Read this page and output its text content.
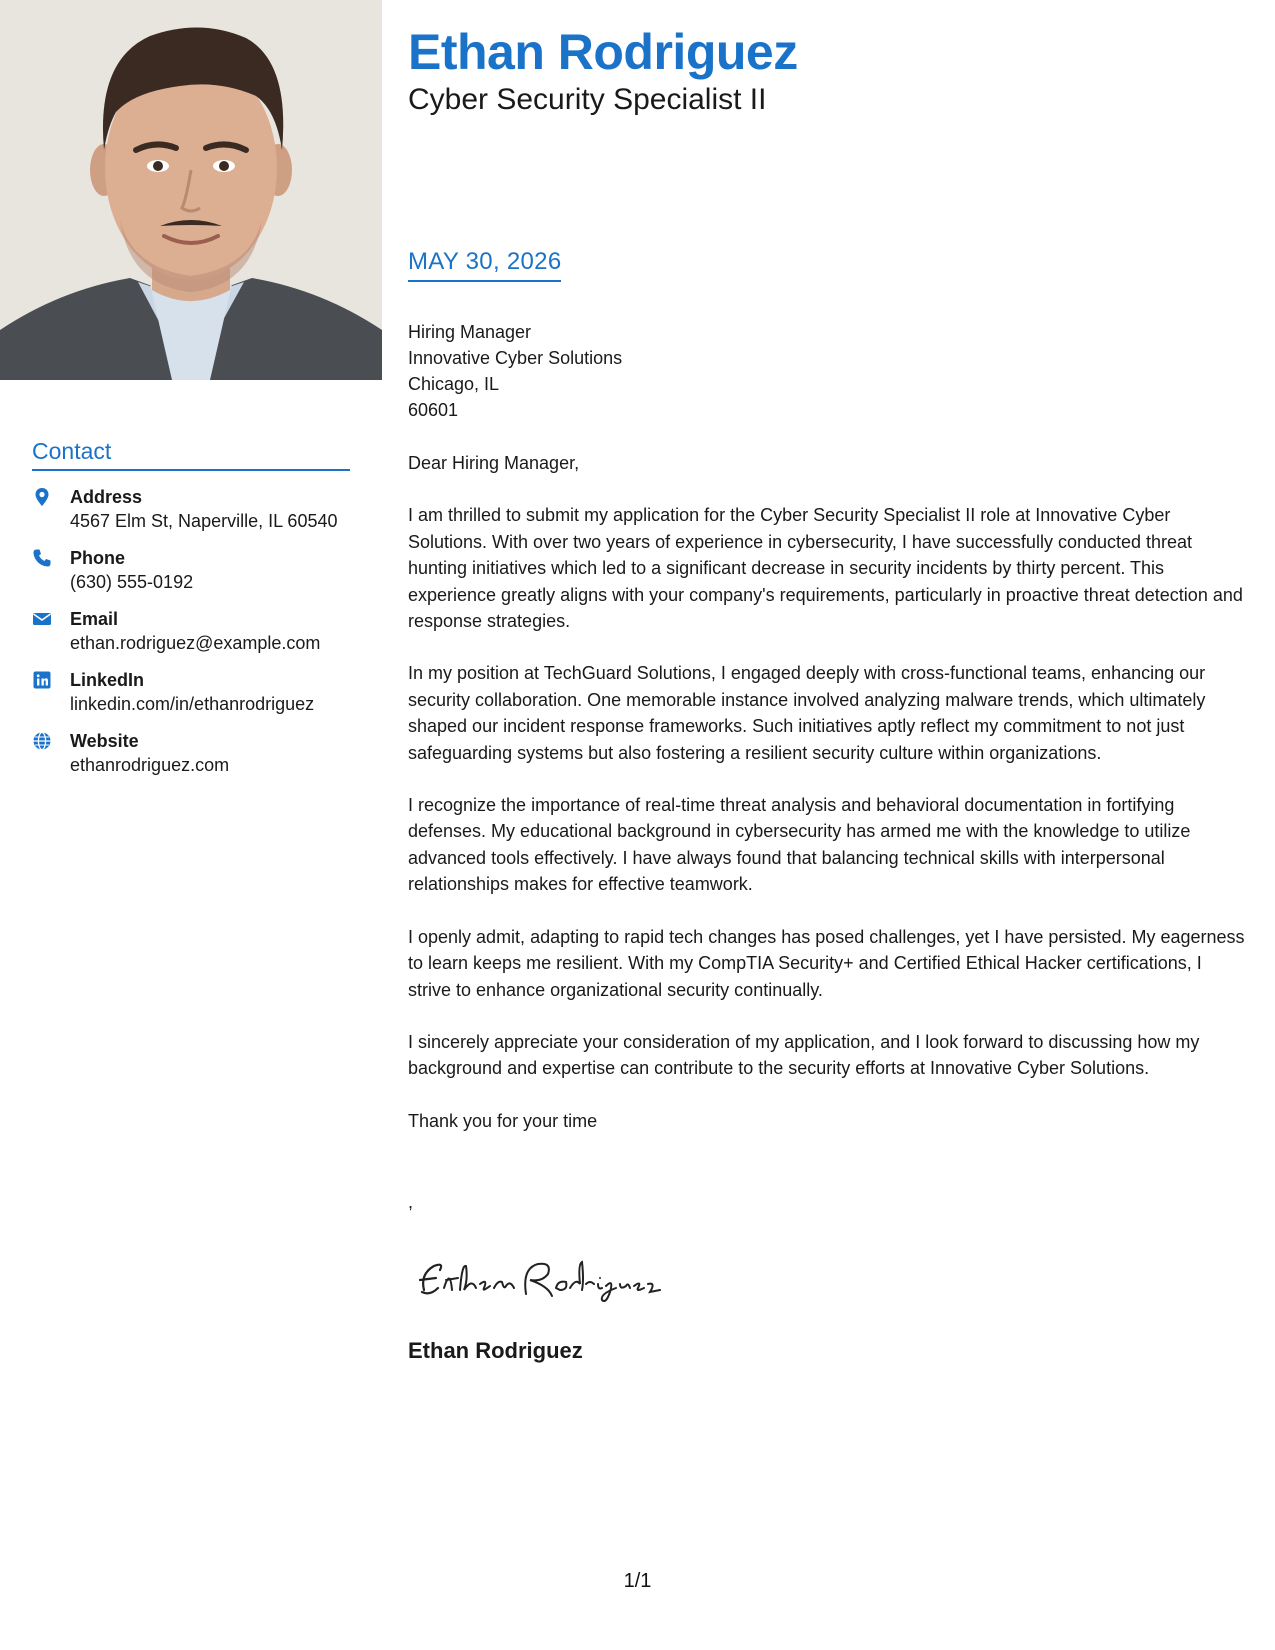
Contact
Address
4567 Elm St, Naperville, IL 60540
Phone
(630) 555-0192
Email
ethan.rodriguez@example.com
LinkedIn
linkedin.com/in/ethanrodriguez
Website
ethanrodriguez.com
Ethan Rodriguez
Cyber Security Specialist II
MAY 30, 2026
Hiring Manager
Innovative Cyber Solutions
Chicago, IL
60601

Dear Hiring Manager,

I am thrilled to submit my application for the Cyber Security Specialist II role at Innovative Cyber Solutions. With over two years of experience in cybersecurity, I have successfully conducted threat hunting initiatives which led to a significant decrease in security incidents by thirty percent. This experience greatly aligns with your company's requirements, particularly in proactive threat detection and response strategies.

In my position at TechGuard Solutions, I engaged deeply with cross-functional teams, enhancing our security collaboration. One memorable instance involved analyzing malware trends, which ultimately shaped our incident response frameworks. Such initiatives aptly reflect my commitment to not just safeguarding systems but also fostering a resilient security culture within organizations.

I recognize the importance of real-time threat analysis and behavioral documentation in fortifying defenses. My educational background in cybersecurity has armed me with the knowledge to utilize advanced tools effectively. I have always found that balancing technical skills with interpersonal relationships makes for effective teamwork.

I openly admit, adapting to rapid tech changes has posed challenges, yet I have persisted. My eagerness to learn keeps me resilient. With my CompTIA Security+ and Certified Ethical Hacker certifications, I strive to enhance organizational security continually.

I sincerely appreciate your consideration of my application, and I look forward to discussing how my background and expertise can contribute to the security efforts at Innovative Cyber Solutions.

Thank you for your time

,
Ethan Rodriguez
1/1
